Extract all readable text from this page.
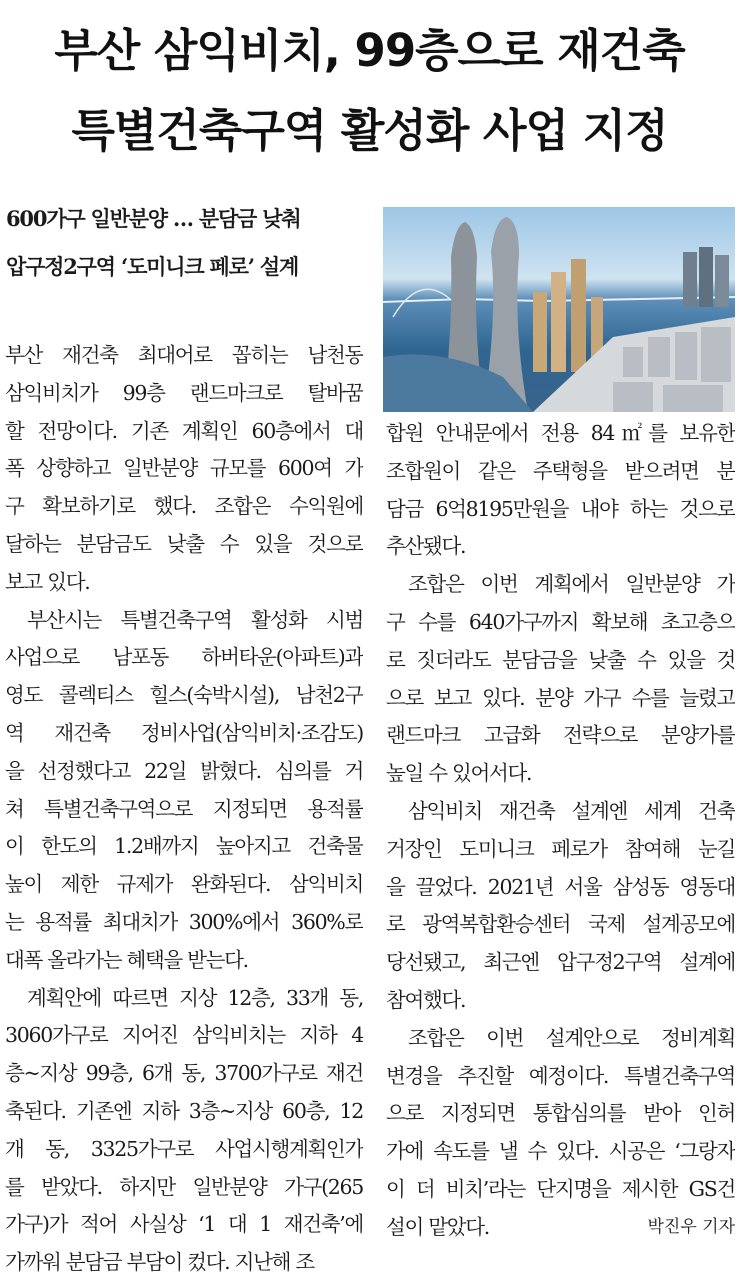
부산 삼익비치, 99층으로 재건축
특별건축구역 활성화 사업 지정
600가구 일반분양 … 분담금 낮춰
압구정2구역 ‘도미니크 페로’ 설계
부산 재건축 최대어로 꼽히는 남천동
삼익비치가 99층 랜드마크로 탈바꿈
할 전망이다. 기존 계획인 60층에서 대
폭 상향하고 일반분양 규모를 600여 가
구 확보하기로 했다. 조합은 수익원에
달하는 분담금도 낮출 수 있을 것으로
보고 있다.
부산시는 특별건축구역 활성화 시범
사업으로 남포동 하버타운(아파트)과
영도 콜렉티스 힐스(숙박시설), 남천2구
역 재건축 정비사업(삼익비치·조감도)
을 선정했다고 22일 밝혔다. 심의를 거
쳐 특별건축구역으로 지정되면 용적률
이 한도의 1.2배까지 높아지고 건축물
높이 제한 규제가 완화된다. 삼익비치
는 용적률 최대치가 300%에서 360%로
대폭 올라가는 혜택을 받는다.
계획안에 따르면 지상 12층, 33개 동,
3060가구로 지어진 삼익비치는 지하 4
층~지상 99층, 6개 동, 3700가구로 재건
축된다. 기존엔 지하 3층~지상 60층, 12
개 동, 3325가구로 사업시행계획인가
를 받았다. 하지만 일반분양 가구(265
가구)가 적어 사실상 ‘1 대 1 재건축’에
가까워 분담금 부담이 컸다. 지난해 조
합원 안내문에서 전용 84㎡를 보유한
조합원이 같은 주택형을 받으려면 분
담금 6억8195만원을 내야 하는 것으로
추산됐다.
조합은 이번 계획에서 일반분양 가
구 수를 640가구까지 확보해 초고층으
로 짓더라도 분담금을 낮출 수 있을 것
으로 보고 있다. 분양 가구 수를 늘렸고
랜드마크 고급화 전략으로 분양가를
높일 수 있어서다.
삼익비치 재건축 설계엔 세계 건축
거장인 도미니크 페로가 참여해 눈길
을 끌었다. 2021년 서울 삼성동 영동대
로 광역복합환승센터 국제 설계공모에
당선됐고, 최근엔 압구정2구역 설계에
참여했다.
조합은 이번 설계안으로 정비계획
변경을 추진할 예정이다. 특별건축구역
으로 지정되면 통합심의를 받아 인허
가에 속도를 낼 수 있다. 시공은 ‘그랑자
이 더 비치’라는 단지명을 제시한 GS건
설이 맡았다.	박진우 기자
